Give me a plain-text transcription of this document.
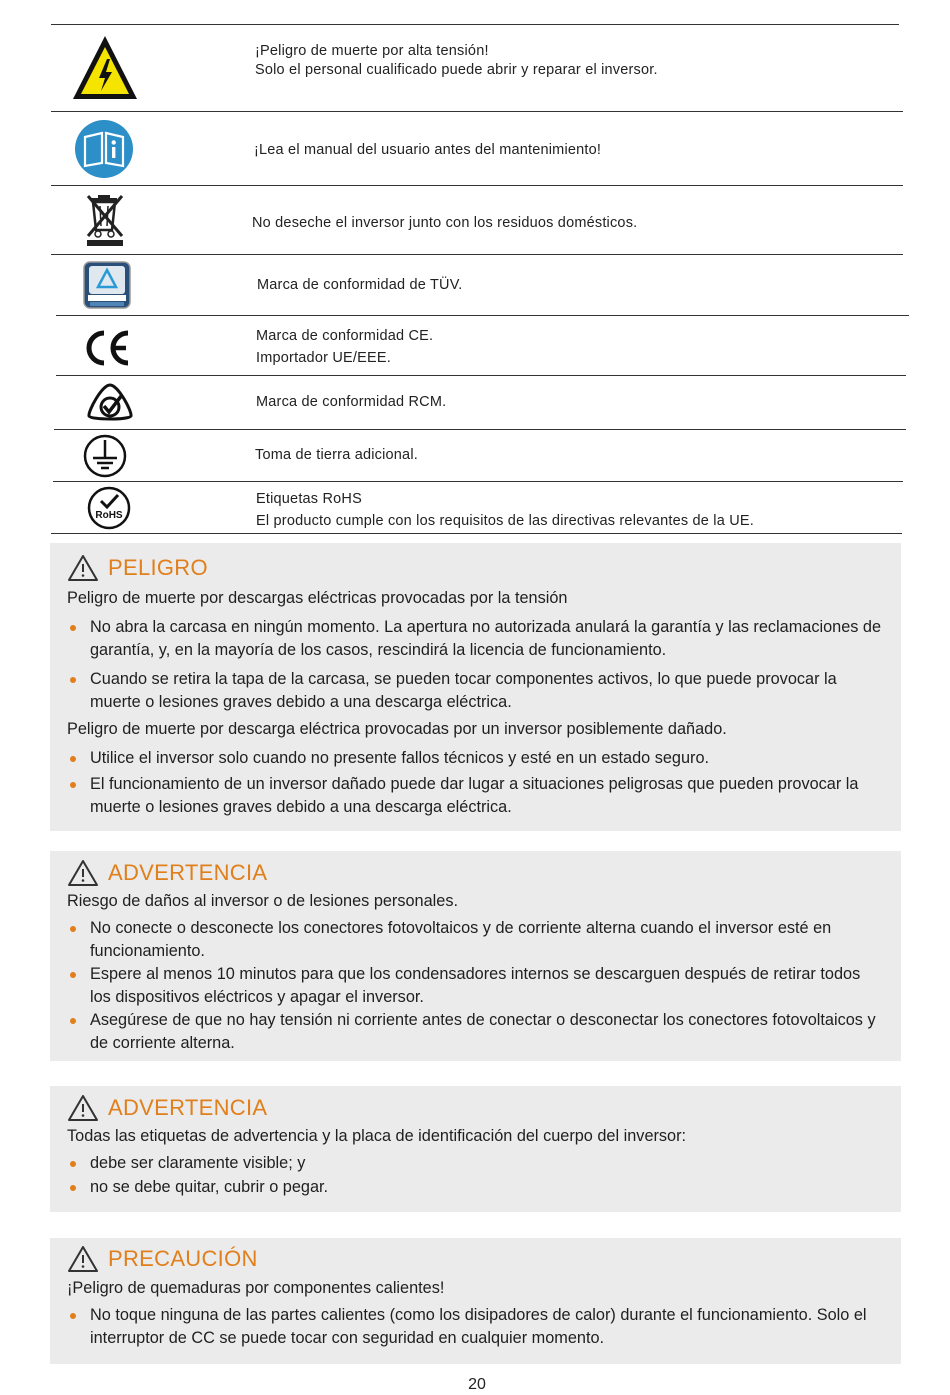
¡Peligro de muerte por alta tensión!
Solo el personal cualificado puede abrir y reparar el inversor.
¡Lea el manual del usuario antes del mantenimiento!
No deseche el inversor junto con los residuos domésticos.
Marca de conformidad de TÜV.
Marca de conformidad CE.
Importador UE/EEE.
Marca de conformidad RCM.
Toma de tierra adicional.
RoHS
Etiquetas RoHS
El producto cumple con los requisitos de las directivas relevantes de la UE.
PELIGRO
Peligro de muerte por descargas eléctricas provocadas por la tensión
No abra la carcasa en ningún momento. La apertura no autorizada anulará la garantía y las reclamaciones de garantía, y, en la mayoría de los casos, rescindirá la licencia de funcionamiento.
Cuando se retira la tapa de la carcasa, se pueden tocar componentes activos, lo que puede provocar la muerte o lesiones graves debido a una descarga eléctrica.
Peligro de muerte por descarga eléctrica provocadas por un inversor posiblemente dañado.
Utilice el inversor solo cuando no presente fallos técnicos y esté en un estado seguro.
El funcionamiento de un inversor dañado puede dar lugar a situaciones peligrosas que pueden provocar la muerte o lesiones graves debido a una descarga eléctrica.
ADVERTENCIA
Riesgo de daños al inversor o de lesiones personales.
No conecte o desconecte los conectores fotovoltaicos y de corriente alterna cuando el inversor esté en funcionamiento.
Espere al menos 10 minutos para que los condensadores internos se descarguen después de retirar todos los dispositivos eléctricos y apagar el inversor.
Asegúrese de que no hay tensión ni corriente antes de conectar o desconectar los conectores fotovoltaicos y de corriente alterna.
ADVERTENCIA
Todas las etiquetas de advertencia y la placa de identificación del cuerpo del inversor:
debe ser claramente visible; y
no se debe quitar, cubrir o pegar.
PRECAUCIÓN
¡Peligro de quemaduras por componentes calientes!
No toque ninguna de las partes calientes (como los disipadores de calor) durante el funcionamiento. Solo el interruptor de CC se puede tocar con seguridad en cualquier momento.
20
